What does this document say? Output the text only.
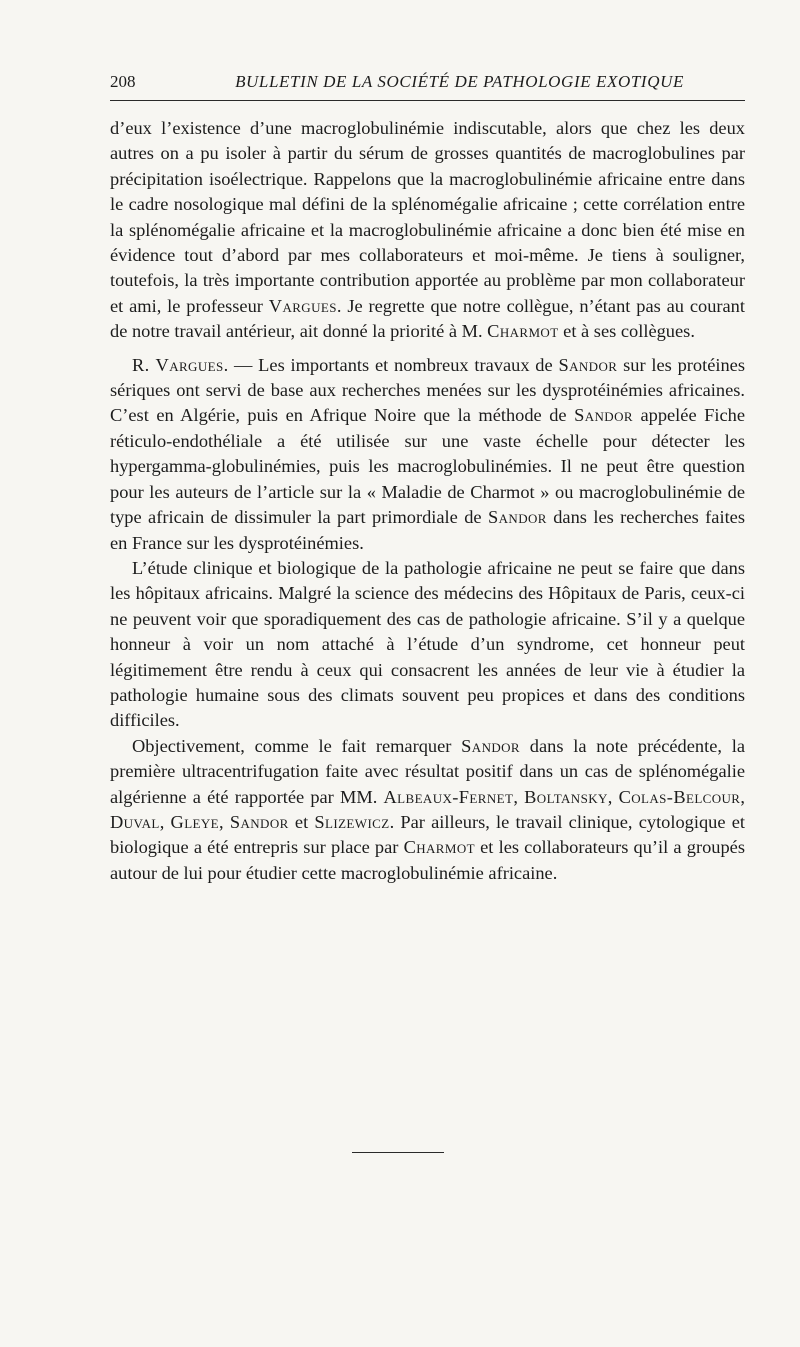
208	BULLETIN DE LA SOCIÉTÉ DE PATHOLOGIE EXOTIQUE

d’eux l’existence d’une macroglobulinémie indiscutable, alors que chez les deux autres on a pu isoler à partir du sérum de grosses quantités de macroglobulines par précipitation isoélectrique. Rappelons que la macroglobulinémie africaine entre dans le cadre nosologique mal défini de la splénomégalie africaine ; cette corrélation entre la splénomégalie africaine et la macroglobulinémie africaine a donc bien été mise en évidence tout d’abord par mes collaborateurs et moi-même. Je tiens à souligner, toutefois, la très importante contribution apportée au problème par mon collaborateur et ami, le professeur Vargues. Je regrette que notre collègue, n’étant pas au courant de notre travail antérieur, ait donné la priorité à M. Charmot et à ses collègues.

R. Vargues. — Les importants et nombreux travaux de Sandor sur les protéines sériques ont servi de base aux recherches menées sur les dysprotéinémies africaines. C’est en Algérie, puis en Afrique Noire que la méthode de Sandor appelée Fiche réticulo-endothéliale a été utilisée sur une vaste échelle pour détecter les hypergamma-globulinémies, puis les macroglobulinémies. Il ne peut être question pour les auteurs de l’article sur la « Maladie de Charmot » ou macroglobulinémie de type africain de dissimuler la part primordiale de Sandor dans les recherches faites en France sur les dysprotéinémies.

L’étude clinique et biologique de la pathologie africaine ne peut se faire que dans les hôpitaux africains. Malgré la science des médecins des Hôpitaux de Paris, ceux-ci ne peuvent voir que sporadiquement des cas de pathologie africaine. S’il y a quelque honneur à voir un nom attaché à l’étude d’un syndrome, cet honneur peut légitimement être rendu à ceux qui consacrent les années de leur vie à étudier la pathologie humaine sous des climats souvent peu propices et dans des conditions difficiles.

Objectivement, comme le fait remarquer Sandor dans la note précédente, la première ultracentrifugation faite avec résultat positif dans un cas de splénomégalie algérienne a été rapportée par MM. Albeaux-Fernet, Boltansky, Colas-Belcour, Duval, Gleye, Sandor et Slizewicz. Par ailleurs, le travail clinique, cytologique et biologique a été entrepris sur place par Charmot et les collaborateurs qu’il a groupés autour de lui pour étudier cette macroglobulinémie africaine.
